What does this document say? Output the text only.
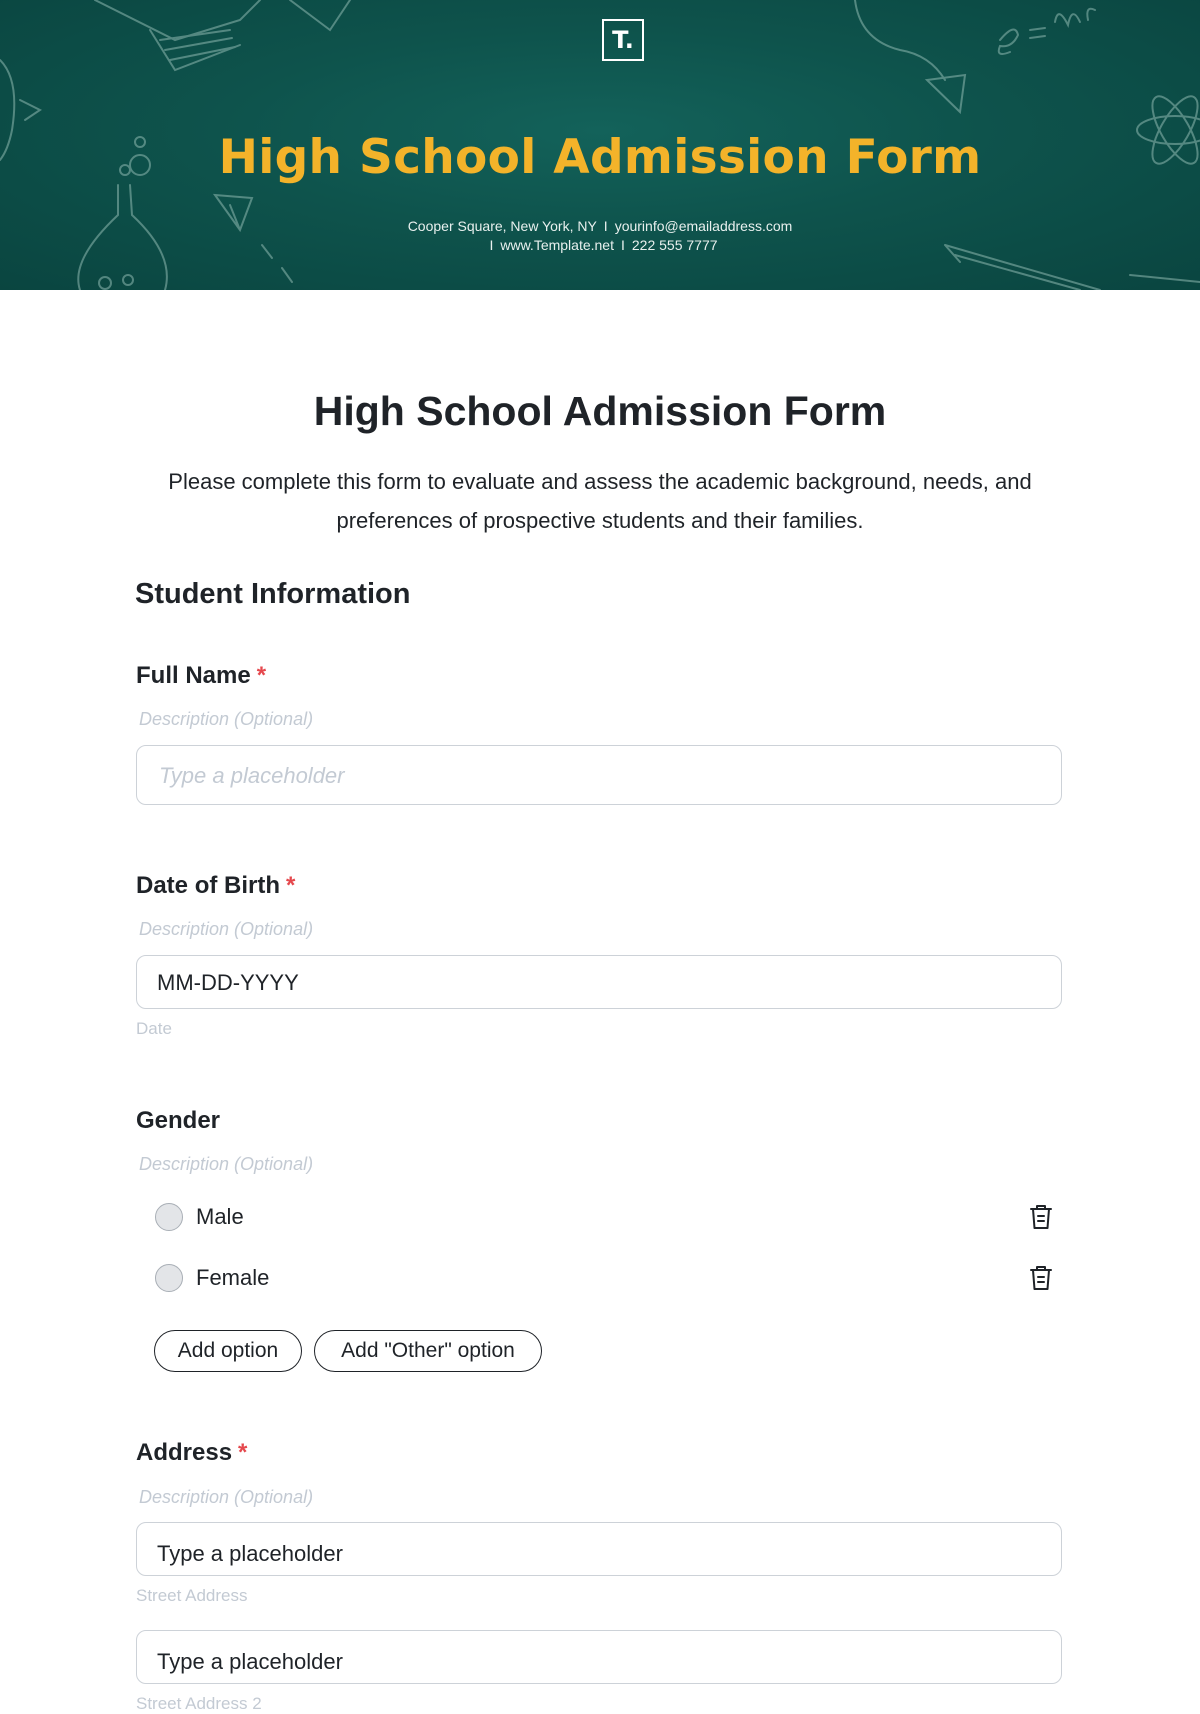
T.
High School Admission Form
Cooper Square, New York, NY I yourinfo@emailaddress.com
I www.Template.net I 222 555 7777
High School Admission Form
Please complete this form to evaluate and assess the academic background, needs, and
preferences of prospective students and their families.
Student Information
Full Name *
Description (Optional)
Type a placeholder
Date of Birth *
Description (Optional)
MM-DD-YYYY
Date
Gender
Description (Optional)
Male
Female
Add option	Add "Other" option
Address *
Description (Optional)
Type a placeholder
Street Address
Type a placeholder
Street Address 2
